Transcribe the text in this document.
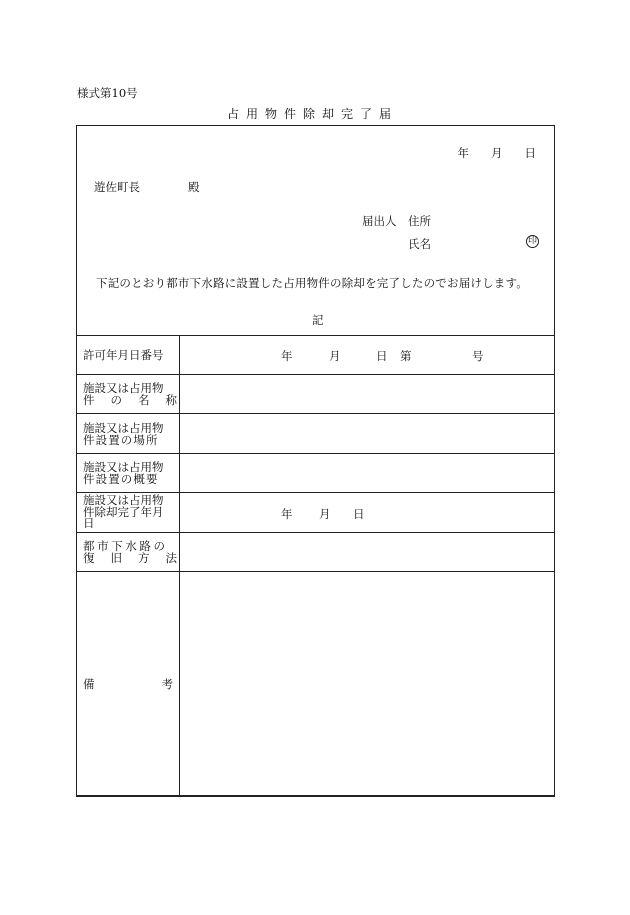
様式第10号
占用物件除却完了届
年 月 日
遊佐町長	殿
届出人 住所
氏名	印
下記のとおり都市下水路に設置した占用物件の除却を完了したのでお届けします。
記
許可年月日番号	年 月 日 第 号

施設又は占用物
件 の 名 称	

施設又は占用物
件設置の場所	

施設又は占用物
件設置の概要	

施設又は占用物
件除却完了年月
日	年 月 日

都市下水路の
復 旧 方 法	

備 考	
